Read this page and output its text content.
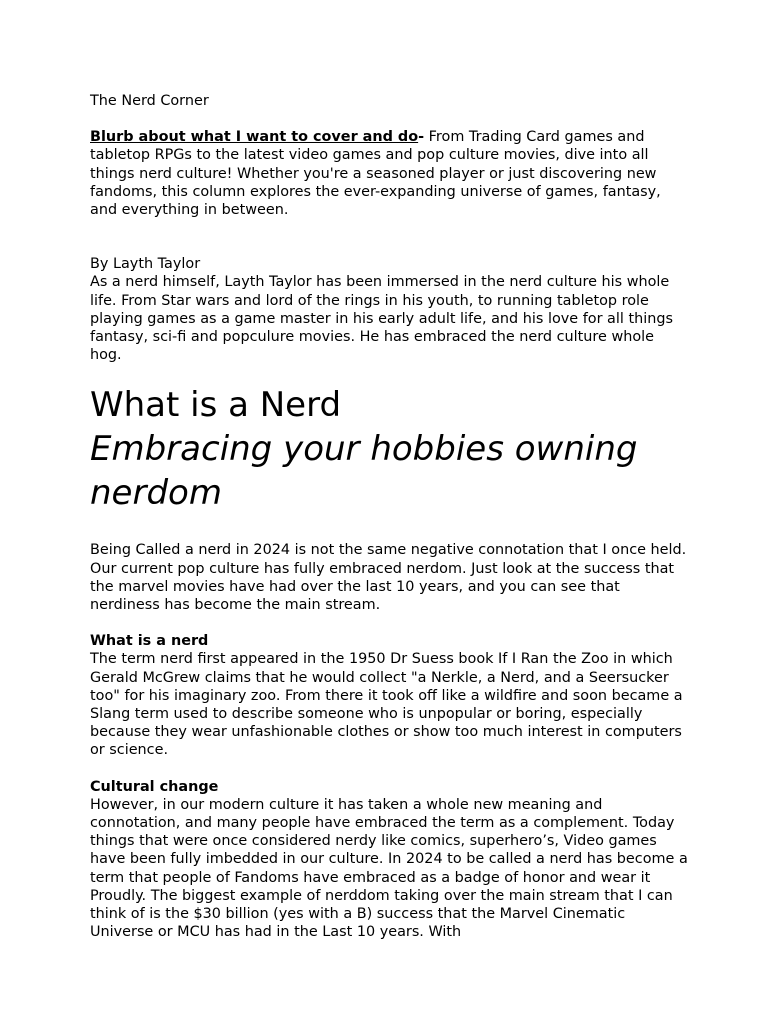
The Nerd Corner

Blurb about what I want to cover and do- From Trading Card games and tabletop RPGs to the latest video games and pop culture movies, dive into all things nerd culture! Whether you're a seasoned player or just discovering new fandoms, this column explores the ever-expanding universe of games, fantasy, and everything in between.

By Layth Taylor

As a nerd himself, Layth Taylor has been immersed in the nerd culture his whole life. From Star wars and lord of the rings in his youth, to running tabletop role playing games as a game master in his early adult life, and his love for all things fantasy, sci-fi and popculure movies. He has embraced the nerd culture whole hog.

What is a Nerd
Embracing your hobbies owning nerdom

Being Called a nerd in 2024 is not the same negative connotation that I once held. Our current pop culture has fully embraced nerdom. Just look at the success that the marvel movies have had over the last 10 years, and you can see that nerdiness has become the main stream.

What is a nerd

The term nerd first appeared in the 1950 Dr Suess book If I Ran the Zoo in which Gerald McGrew claims that he would collect "a Nerkle, a Nerd, and a Seersucker too" for his imaginary zoo. From there it took off like a wildfire and soon became a Slang term used to describe someone who is unpopular or boring, especially because they wear unfashionable clothes or show too much interest in computers or science.

Cultural change

However, in our modern culture it has taken a whole new meaning and connotation, and many people have embraced the term as a complement. Today things that were once considered nerdy like comics, superhero’s, Video games have been fully imbedded in our culture. In 2024 to be called a nerd has become a term that people of Fandoms have embraced as a badge of honor and wear it Proudly. The biggest example of nerddom taking over the main stream that I can think of is the $30 billion (yes with a B) success that the Marvel Cinematic Universe or MCU has had in the Last 10 years. With
